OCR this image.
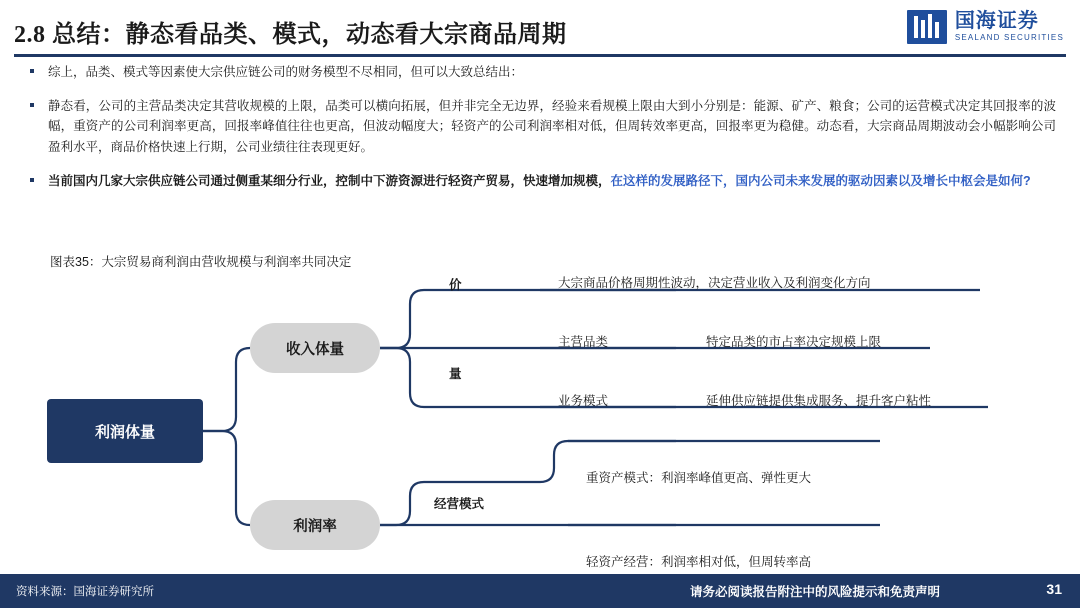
2.8 总结：静态看品类、模式，动态看大宗商品周期
国海证券
SEALAND SECURITIES
综上，品类、模式等因素使大宗供应链公司的财务模型不尽相同，但可以大致总结出：
静态看，公司的主营品类决定其营收规模的上限，品类可以横向拓展，但并非完全无边界，经验来看规模上限由大到小分别是：能源、矿产、粮食；公司的运营模式决定其回报率的波幅，重资产的公司利润率更高，回报率峰值往往也更高，但波动幅度大；轻资产的公司利润率相对低，但周转效率更高，回报率更为稳健。动态看，大宗商品周期波动会小幅影响公司盈利水平，商品价格快速上行期，公司业绩往往表现更好。
当前国内几家大宗供应链公司通过侧重某细分行业，控制中下游资源进行轻资产贸易，快速增加规模，在这样的发展路径下，国内公司未来发展的驱动因素以及增长中枢会是如何?
图表35：大宗贸易商利润由营收规模与利润率共同决定
利润体量
收入体量
利润率
价
量
经营模式
大宗商品价格周期性波动，决定营业收入及利润变化方向
主营品类	特定品类的市占率决定规模上限
业务模式	延伸供应链提供集成服务、提升客户粘性
重资产模式：利润率峰值更高、弹性更大
轻资产经营：利润率相对低，但周转率高
资料来源：国海证券研究所	请务必阅读报告附注中的风险提示和免责声明	31
